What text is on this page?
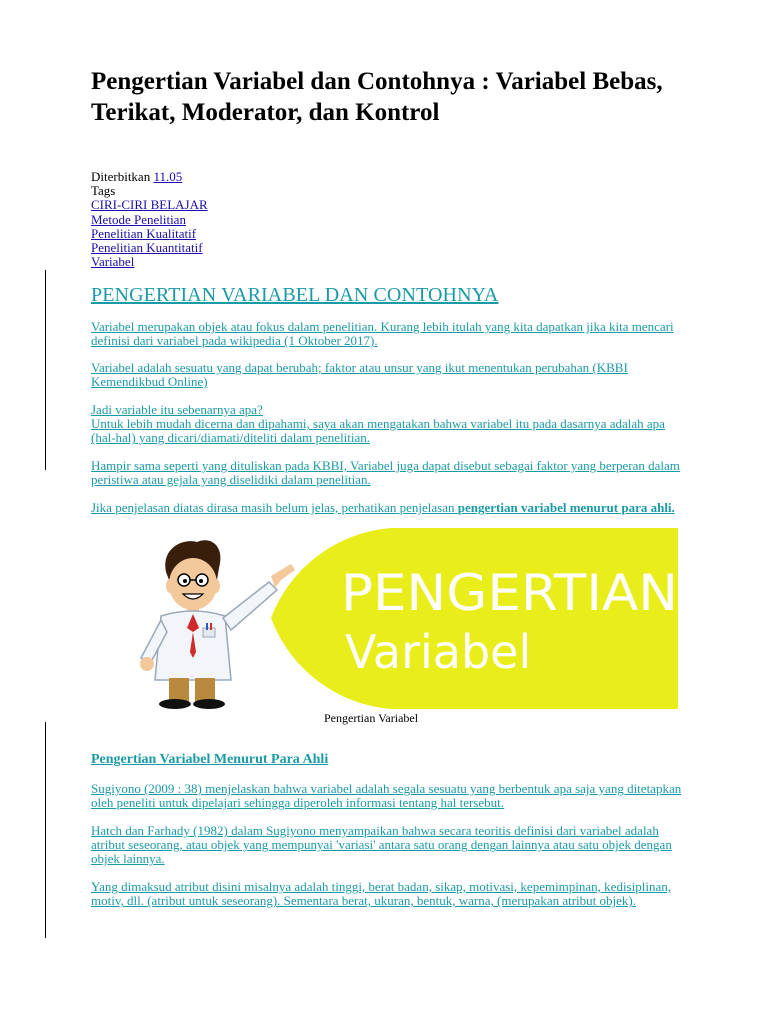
Pengertian Variabel dan Contohnya : Variabel Bebas, Terikat, Moderator, dan Kontrol
Diterbitkan 11.05
Tags
CIRI-CIRI BELAJAR
Metode Penelitian
Penelitian Kualitatif
Penelitian Kuantitatif
Variabel
PENGERTIAN VARIABEL DAN CONTOHNYA

Variabel merupakan objek atau fokus dalam penelitian. Kurang lebih itulah yang kita dapatkan jika kita mencari definisi dari variabel pada wikipedia (1 Oktober 2017).

Variabel adalah sesuatu yang dapat berubah; faktor atau unsur yang ikut menentukan perubahan (KBBI Kemendikbud Online)

Jadi variable itu sebenarnya apa?
Untuk lebih mudah dicerna dan dipahami, saya akan mengatakan bahwa variabel itu pada dasarnya adalah apa (hal-hal) yang dicari/diamati/diteliti dalam penelitian.

Hampir sama seperti yang dituliskan pada KBBI, Variabel juga dapat disebut sebagai faktor yang berperan dalam peristiwa atau gejala yang diselidiki dalam penelitian.

Jika penjelasan diatas dirasa masih belum jelas, perhatikan penjelasan pengertian variabel menurut para ahli.

PENGERTIAN
Variabel
Pengertian Variabel
Pengertian Variabel Menurut Para Ahli

Sugiyono (2009 : 38) menjelaskan bahwa variabel adalah segala sesuatu yang berbentuk apa saja yang ditetapkan oleh peneliti untuk dipelajari sehingga diperoleh informasi tentang hal tersebut.

Hatch dan Farhady (1982) dalam Sugiyono menyampaikan bahwa secara teoritis definisi dari variabel adalah atribut seseorang, atau objek yang mempunyai 'variasi' antara satu orang dengan lainnya atau satu objek dengan objek lainnya.

Yang dimaksud atribut disini misalnya adalah tinggi, berat badan, sikap, motivasi, kepemimpinan, kedisiplinan, motiv, dll. (atribut untuk seseorang). Sementara berat, ukuran, bentuk, warna, (merupakan atribut objek).
